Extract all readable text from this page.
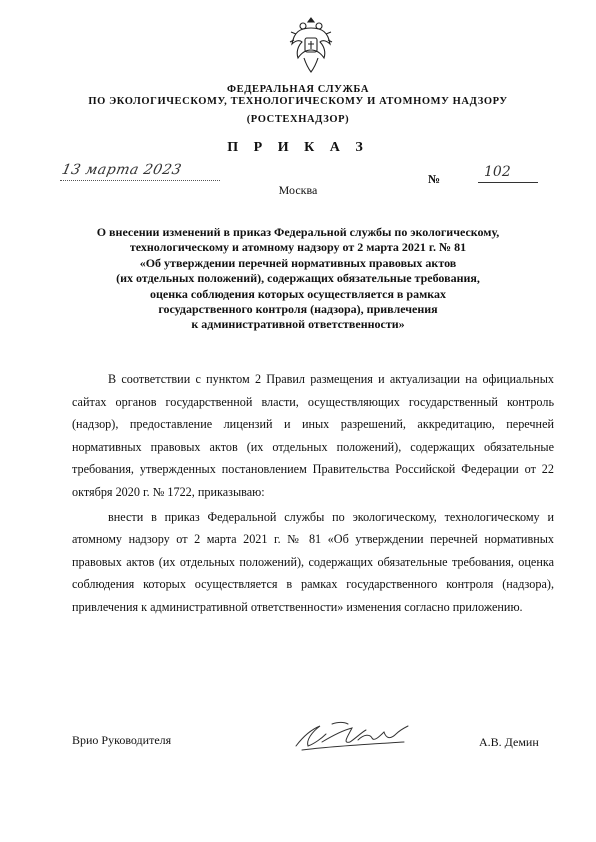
ФЕДЕРАЛЬНАЯ СЛУЖБА
ПО ЭКОЛОГИЧЕСКОМУ, ТЕХНОЛОГИЧЕСКОМУ И АТОМНОМУ НАДЗОРУ
(РОСТЕХНАДЗОР)
П Р И К А З
13 марта 2023
№	102
Москва
О внесении изменений в приказ Федеральной службы по экологическому,
технологическому и атомному надзору от 2 марта 2021 г. № 81
«Об утверждении перечней нормативных правовых актов
(их отдельных положений), содержащих обязательные требования,
оценка соблюдения которых осуществляется в рамках
государственного контроля (надзора), привлечения
к административной ответственности»

В соответствии с пунктом 2 Правил размещения и актуализации на официальных сайтах органов государственной власти, осуществляющих государственный контроль (надзор), предоставление лицензий и иных разрешений, аккредитацию, перечней нормативных правовых актов (их отдельных положений), содержащих обязательные требования, утвержденных постановлением Правительства Российской Федерации от 22 октября 2020 г. № 1722, приказываю:

внести в приказ Федеральной службы по экологическому, технологическому и атомному надзору от 2 марта 2021 г. № 81 «Об утверждении перечней нормативных правовых актов (их отдельных положений), содержащих обязательные требования, оценка соблюдения которых осуществляется в рамках государственного контроля (надзора), привлечения к административной ответственности» изменения согласно приложению.

Врио Руководителя	А.В. Демин
